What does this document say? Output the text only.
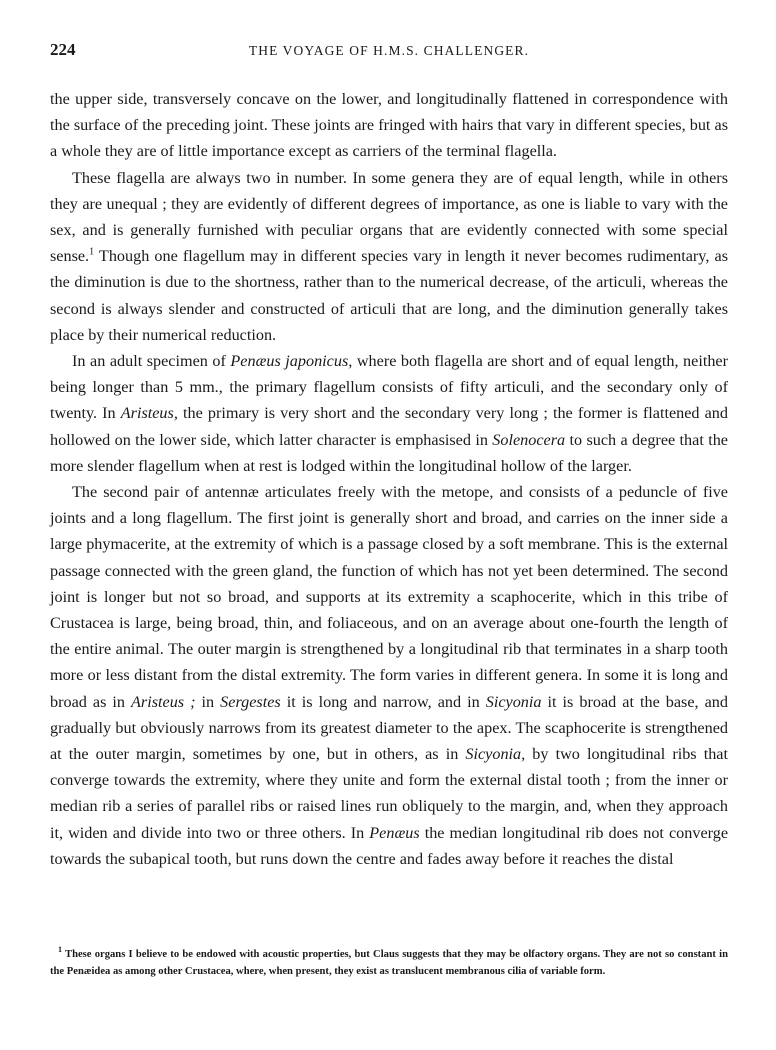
224	THE VOYAGE OF H.M.S. CHALLENGER.

the upper side, transversely concave on the lower, and longitudinally flattened in correspondence with the surface of the preceding joint. These joints are fringed with hairs that vary in different species, but as a whole they are of little importance except as carriers of the terminal flagella.

These flagella are always two in number. In some genera they are of equal length, while in others they are unequal ; they are evidently of different degrees of importance, as one is liable to vary with the sex, and is generally furnished with peculiar organs that are evidently connected with some special sense.$^1$ Though one flagellum may in different species vary in length it never becomes rudimentary, as the diminution is due to the shortness, rather than to the numerical decrease, of the articuli, whereas the second is always slender and constructed of articuli that are long, and the diminution generally takes place by their numerical reduction.

In an adult specimen of Penæus japonicus, where both flagella are short and of equal length, neither being longer than 5 mm., the primary flagellum consists of fifty articuli, and the secondary only of twenty. In Aristeus, the primary is very short and the secondary very long ; the former is flattened and hollowed on the lower side, which latter character is emphasised in Solenocera to such a degree that the more slender flagellum when at rest is lodged within the longitudinal hollow of the larger.

The second pair of antennæ articulates freely with the metope, and consists of a peduncle of five joints and a long flagellum. The first joint is generally short and broad, and carries on the inner side a large phymacerite, at the extremity of which is a passage closed by a soft membrane. This is the external passage connected with the green gland, the function of which has not yet been determined. The second joint is longer but not so broad, and supports at its extremity a scaphocerite, which in this tribe of Crustacea is large, being broad, thin, and foliaceous, and on an average about one-fourth the length of the entire animal. The outer margin is strengthened by a longitudinal rib that terminates in a sharp tooth more or less distant from the distal extremity. The form varies in different genera. In some it is long and broad as in Aristeus ; in Sergestes it is long and narrow, and in Sicyonia it is broad at the base, and gradually but obviously narrows from its greatest diameter to the apex. The scaphocerite is strengthened at the outer margin, sometimes by one, but in others, as in Sicyonia, by two longitudinal ribs that converge towards the extremity, where they unite and form the external distal tooth ; from the inner or median rib a series of parallel ribs or raised lines run obliquely to the margin, and, when they approach it, widen and divide into two or three others. In Penæus the median longitudinal rib does not converge towards the subapical tooth, but runs down the centre and fades away before it reaches the distal

$^1$ These organs I believe to be endowed with acoustic properties, but Claus suggests that they may be olfactory organs. They are not so constant in the Penæidea as among other Crustacea, where, when present, they exist as translucent membranous cilia of variable form.
